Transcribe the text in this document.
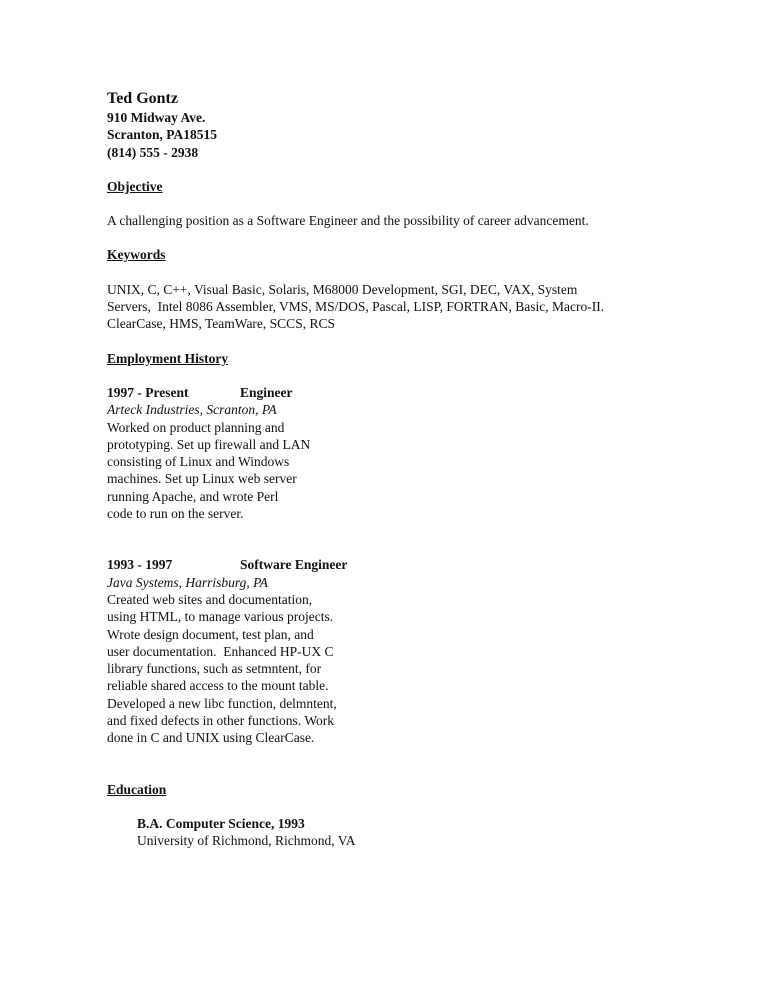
Ted Gontz
910 Midway Ave.
Scranton, PA18515
(814) 555 - 2938
Objective
A challenging position as a Software Engineer and the possibility of career advancement.
Keywords
UNIX, C, C++, Visual Basic, Solaris, M68000 Development, SGI, DEC, VAX, System
Servers,  Intel 8086 Assembler, VMS, MS/DOS, Pascal, LISP, FORTRAN, Basic, Macro-II.
ClearCase, HMS, TeamWare, SCCS, RCS
Employment History
1997 - Present	Engineer
Arteck Industries, Scranton, PA
Worked on product planning and
prototyping. Set up firewall and LAN
consisting of Linux and Windows
machines. Set up Linux web server
running Apache, and wrote Perl
code to run on the server.
1993 - 1997	Software Engineer
Java Systems, Harrisburg, PA
Created web sites and documentation,
using HTML, to manage various projects.
Wrote design document, test plan, and
user documentation.  Enhanced HP-UX C
library functions, such as setmntent, for
reliable shared access to the mount table.
Developed a new libc function, delmntent,
and fixed defects in other functions. Work
done in C and UNIX using ClearCase.
Education
B.A. Computer Science, 1993
University of Richmond, Richmond, VA
